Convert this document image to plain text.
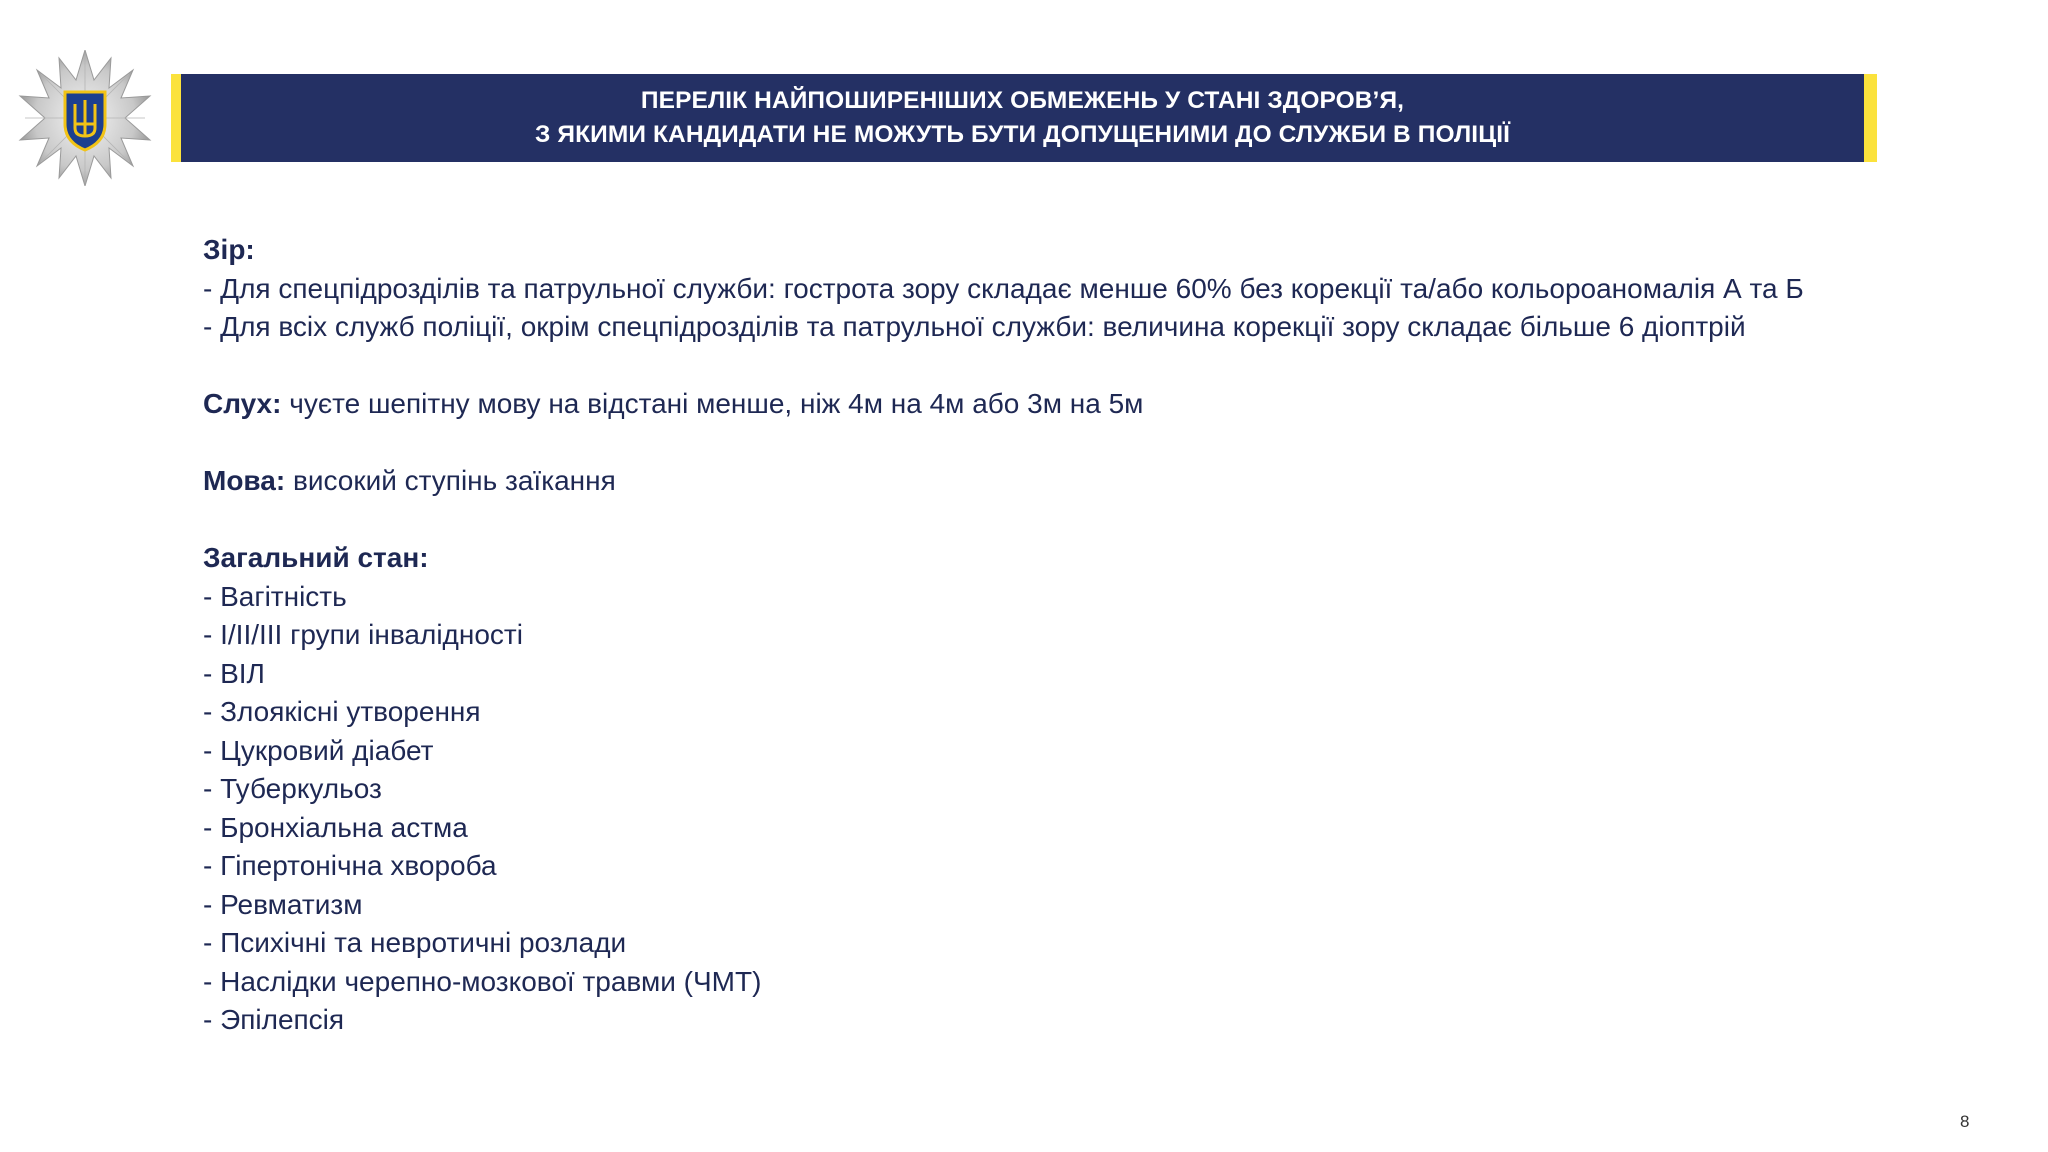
ПЕРЕЛІК НАЙПОШИРЕНІШИХ ОБМЕЖЕНЬ У СТАНІ ЗДОРОВ’Я,
З ЯКИМИ КАНДИДАТИ НЕ МОЖУТЬ БУТИ ДОПУЩЕНИМИ ДО СЛУЖБИ В ПОЛІЦІЇ
Зір:
- Для спецпідрозділів та патрульної служби: гострота зору складає менше 60% без корекції та/або кольороаномалія А та Б
- Для всіх служб поліції, окрім спецпідрозділів та патрульної служби: величина корекції зору складає більше 6 діоптрій
Слух: чуєте шепітну мову на відстані менше, ніж 4м на 4м або 3м на 5м
Мова: високий ступінь заїкання
Загальний стан:
- Вагітність
- І/ІІ/ІІІ групи інвалідності
- ВІЛ
- Злоякісні утворення
- Цукровий діабет
- Туберкульоз
- Бронхіальна астма
- Гіпертонічна хвороба
- Ревматизм
- Психічні та невротичні розлади
- Наслідки черепно-мозкової травми (ЧМТ)
- Эпілепсія
8
